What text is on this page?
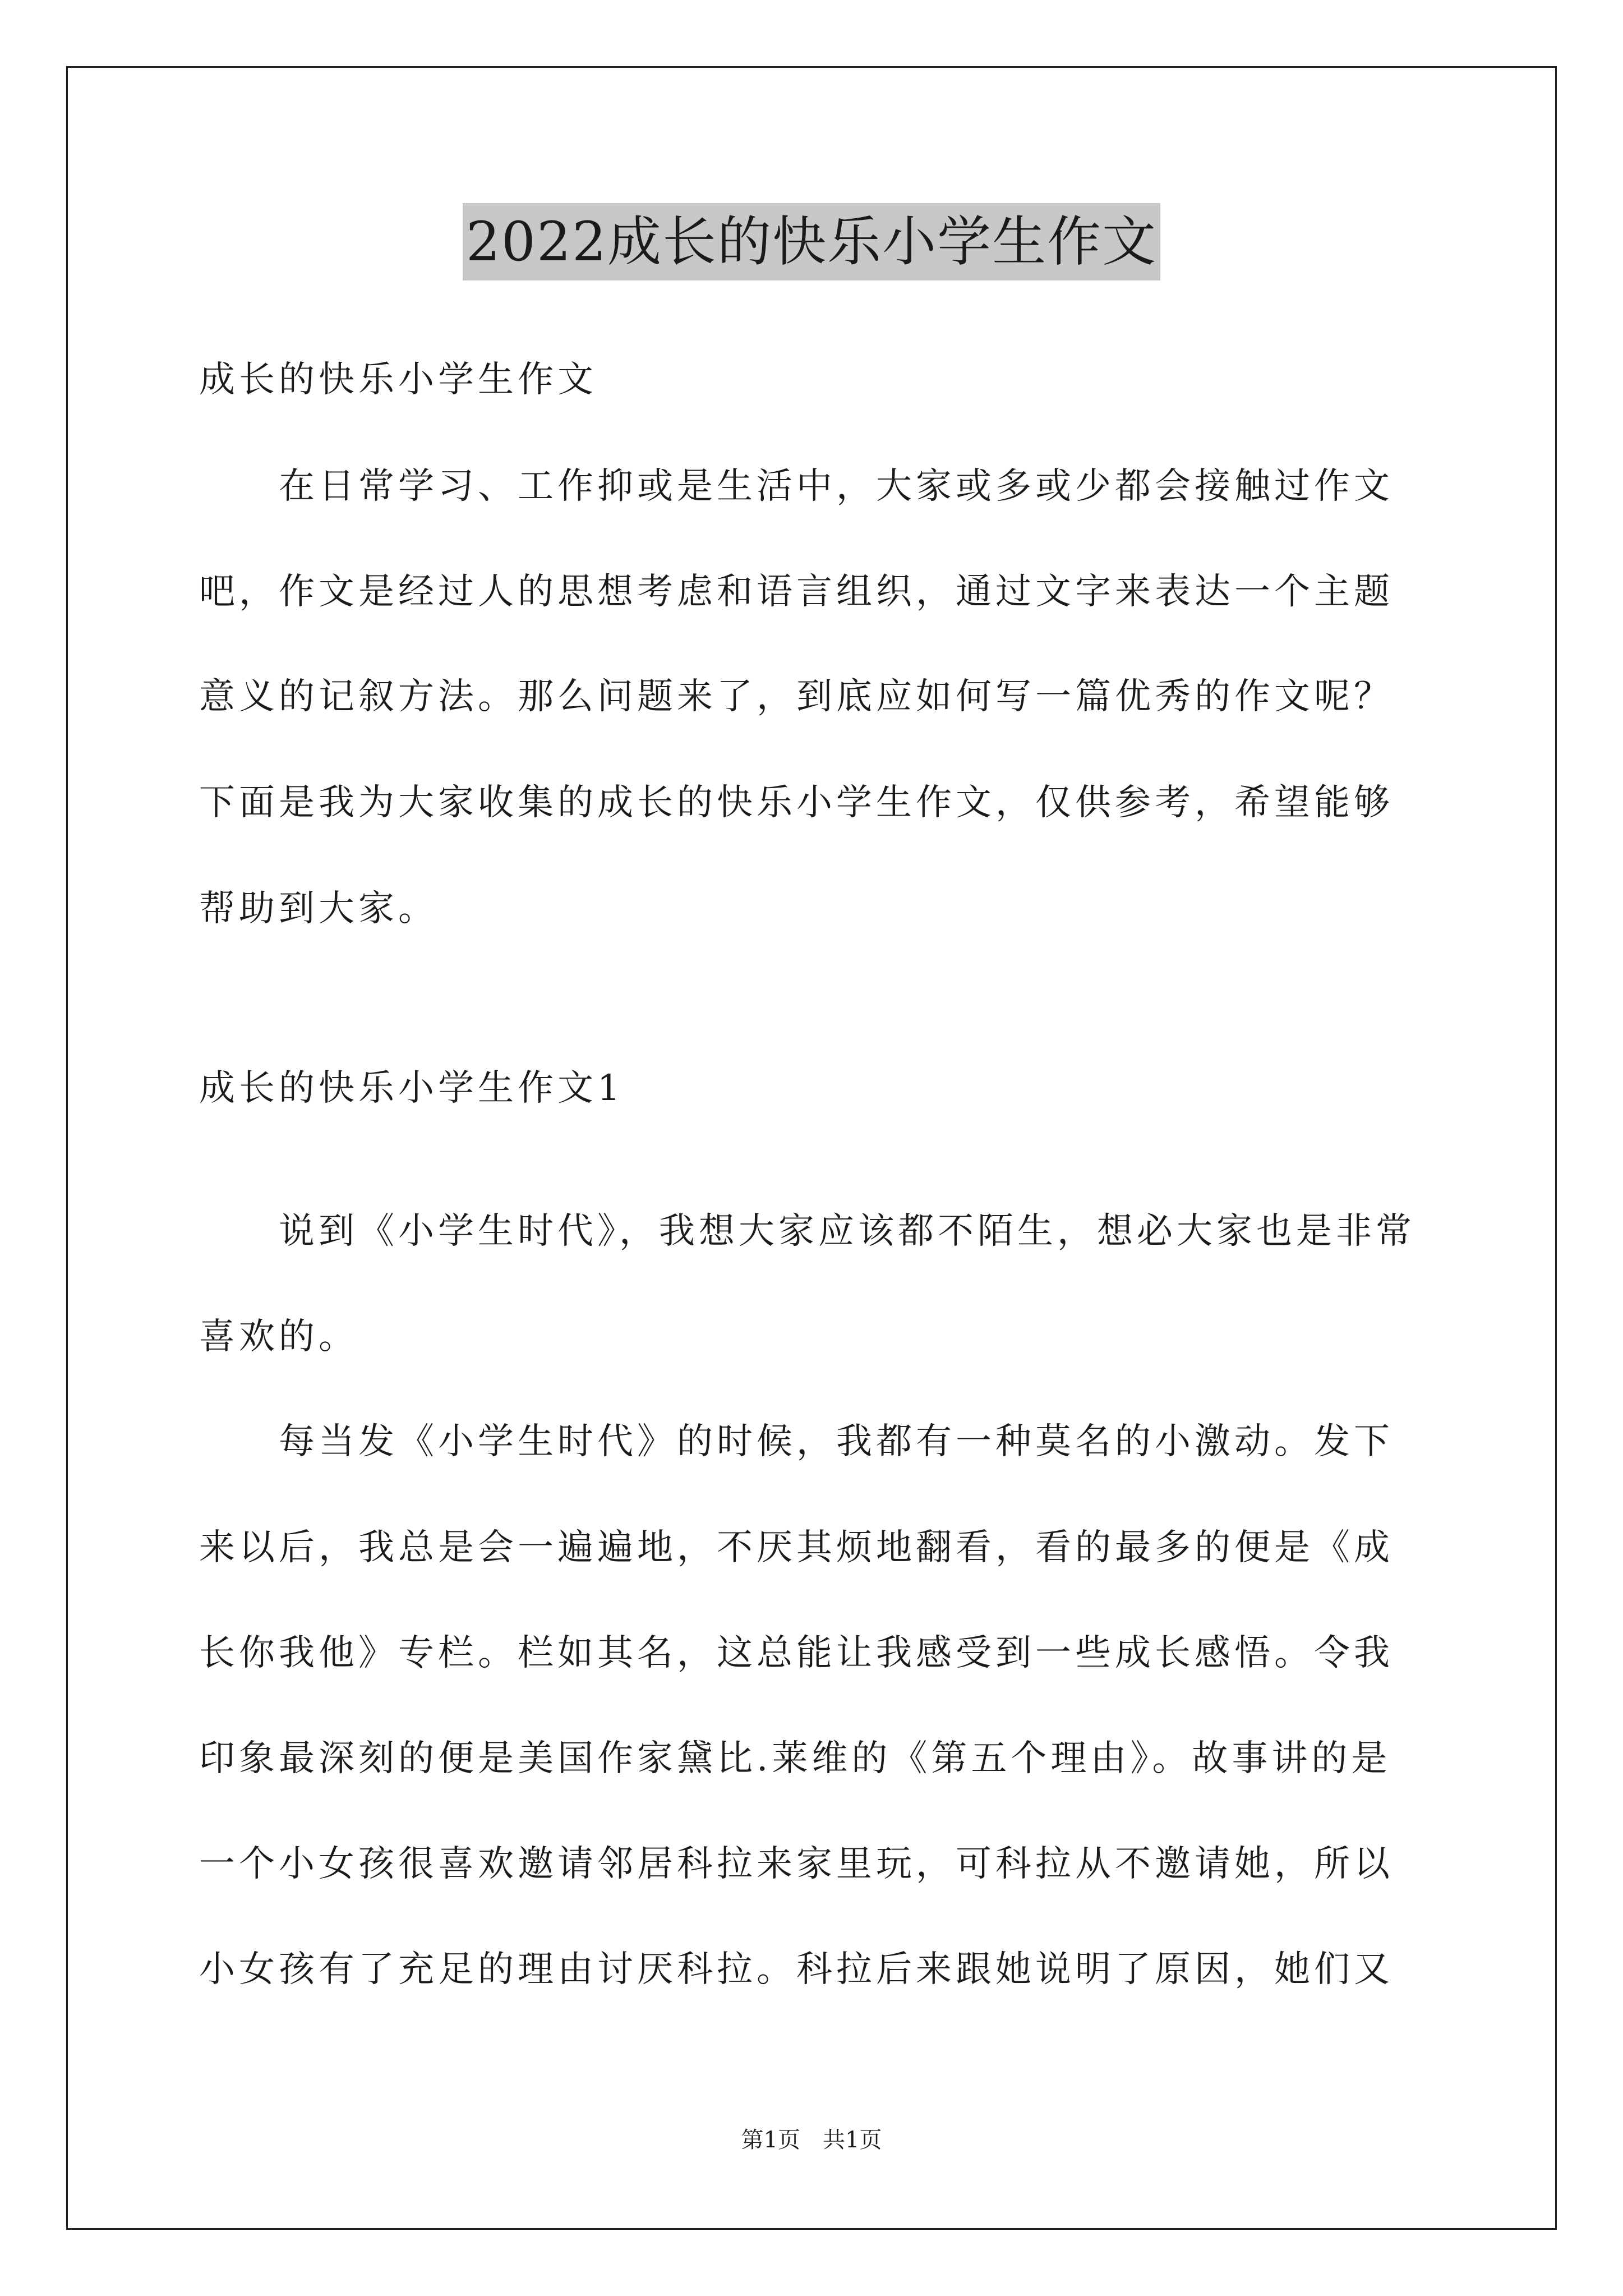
2022成长的快乐小学生作文
成长的快乐小学生作文
　　在日常学习、工作抑或是生活中，大家或多或少都会接触过作文
吧，作文是经过人的思想考虑和语言组织，通过文字来表达一个主题
意义的记叙方法。那么问题来了，到底应如何写一篇优秀的作文呢？
下面是我为大家收集的成长的快乐小学生作文，仅供参考，希望能够
帮助到大家。
成长的快乐小学生作文1
　　说到《小学生时代》，我想大家应该都不陌生，想必大家也是非常
喜欢的。
　　每当发《小学生时代》的时候，我都有一种莫名的小激动。发下
来以后，我总是会一遍遍地，不厌其烦地翻看，看的最多的便是《成
长你我他》专栏。栏如其名，这总能让我感受到一些成长感悟。令我
印象最深刻的便是美国作家黛比.莱维的《第五个理由》。故事讲的是
一个小女孩很喜欢邀请邻居科拉来家里玩，可科拉从不邀请她，所以
小女孩有了充足的理由讨厌科拉。科拉后来跟她说明了原因，她们又
第1页　共1页
